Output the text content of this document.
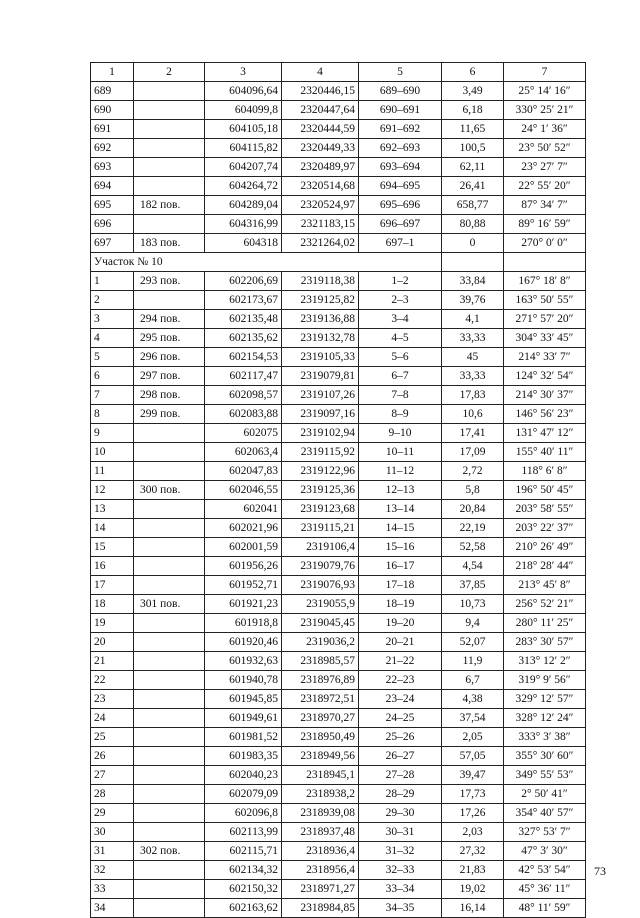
1	2	3	4	5	6	7
689		604096,64	2320446,15	689–690	3,49	25° 14′ 16″
690		604099,8	2320447,64	690–691	6,18	330° 25′ 21″
691		604105,18	2320444,59	691–692	11,65	24° 1′ 36″
692		604115,82	2320449,33	692–693	100,5	23° 50′ 52″
693		604207,74	2320489,97	693–694	62,11	23° 27′ 7″
694		604264,72	2320514,68	694–695	26,41	22° 55′ 20″
695	182 пов.	604289,04	2320524,97	695–696	658,77	87° 34′ 7″
696		604316,99	2321183,15	696–697	80,88	89° 16′ 59″
697	183 пов.	604318	2321264,02	697–1	0	270° 0′ 0″
Участок № 10						
1	293 пов.	602206,69	2319118,38	1–2	33,84	167° 18′ 8″
2		602173,67	2319125,82	2–3	39,76	163° 50′ 55″
3	294 пов.	602135,48	2319136,88	3–4	4,1	271° 57′ 20″
4	295 пов.	602135,62	2319132,78	4–5	33,33	304° 33′ 45″
5	296 пов.	602154,53	2319105,33	5–6	45	214° 33′ 7″
6	297 пов.	602117,47	2319079,81	6–7	33,33	124° 32′ 54″
7	298 пов.	602098,57	2319107,26	7–8	17,83	214° 30′ 37″
8	299 пов.	602083,88	2319097,16	8–9	10,6	146° 56′ 23″
9		602075	2319102,94	9–10	17,41	131° 47′ 12″
10		602063,4	2319115,92	10–11	17,09	155° 40′ 11″
11		602047,83	2319122,96	11–12	2,72	118° 6′ 8″
12	300 пов.	602046,55	2319125,36	12–13	5,8	196° 50′ 45″
13		602041	2319123,68	13–14	20,84	203° 58′ 55″
14		602021,96	2319115,21	14–15	22,19	203° 22′ 37″
15		602001,59	2319106,4	15–16	52,58	210° 26′ 49″
16		601956,26	2319079,76	16–17	4,54	218° 28′ 44″
17		601952,71	2319076,93	17–18	37,85	213° 45′ 8″
18	301 пов.	601921,23	2319055,9	18–19	10,73	256° 52′ 21″
19		601918,8	2319045,45	19–20	9,4	280° 11′ 25″
20		601920,46	2319036,2	20–21	52,07	283° 30′ 57″
21		601932,63	2318985,57	21–22	11,9	313° 12′ 2″
22		601940,78	2318976,89	22–23	6,7	319° 9′ 56″
23		601945,85	2318972,51	23–24	4,38	329° 12′ 57″
24		601949,61	2318970,27	24–25	37,54	328° 12′ 24″
25		601981,52	2318950,49	25–26	2,05	333° 3′ 38″
26		601983,35	2318949,56	26–27	57,05	355° 30′ 60″
27		602040,23	2318945,1	27–28	39,47	349° 55′ 53″
28		602079,09	2318938,2	28–29	17,73	2° 50′ 41″
29		602096,8	2318939,08	29–30	17,26	354° 40′ 57″
30		602113,99	2318937,48	30–31	2,03	327° 53′ 7″
31	302 пов.	602115,71	2318936,4	31–32	27,32	47° 3′ 30″
32		602134,32	2318956,4	32–33	21,83	42° 53′ 54″
33		602150,32	2318971,27	33–34	19,02	45° 36′ 11″
34		602163,62	2318984,85	34–35	16,14	48° 11′ 59″
73
